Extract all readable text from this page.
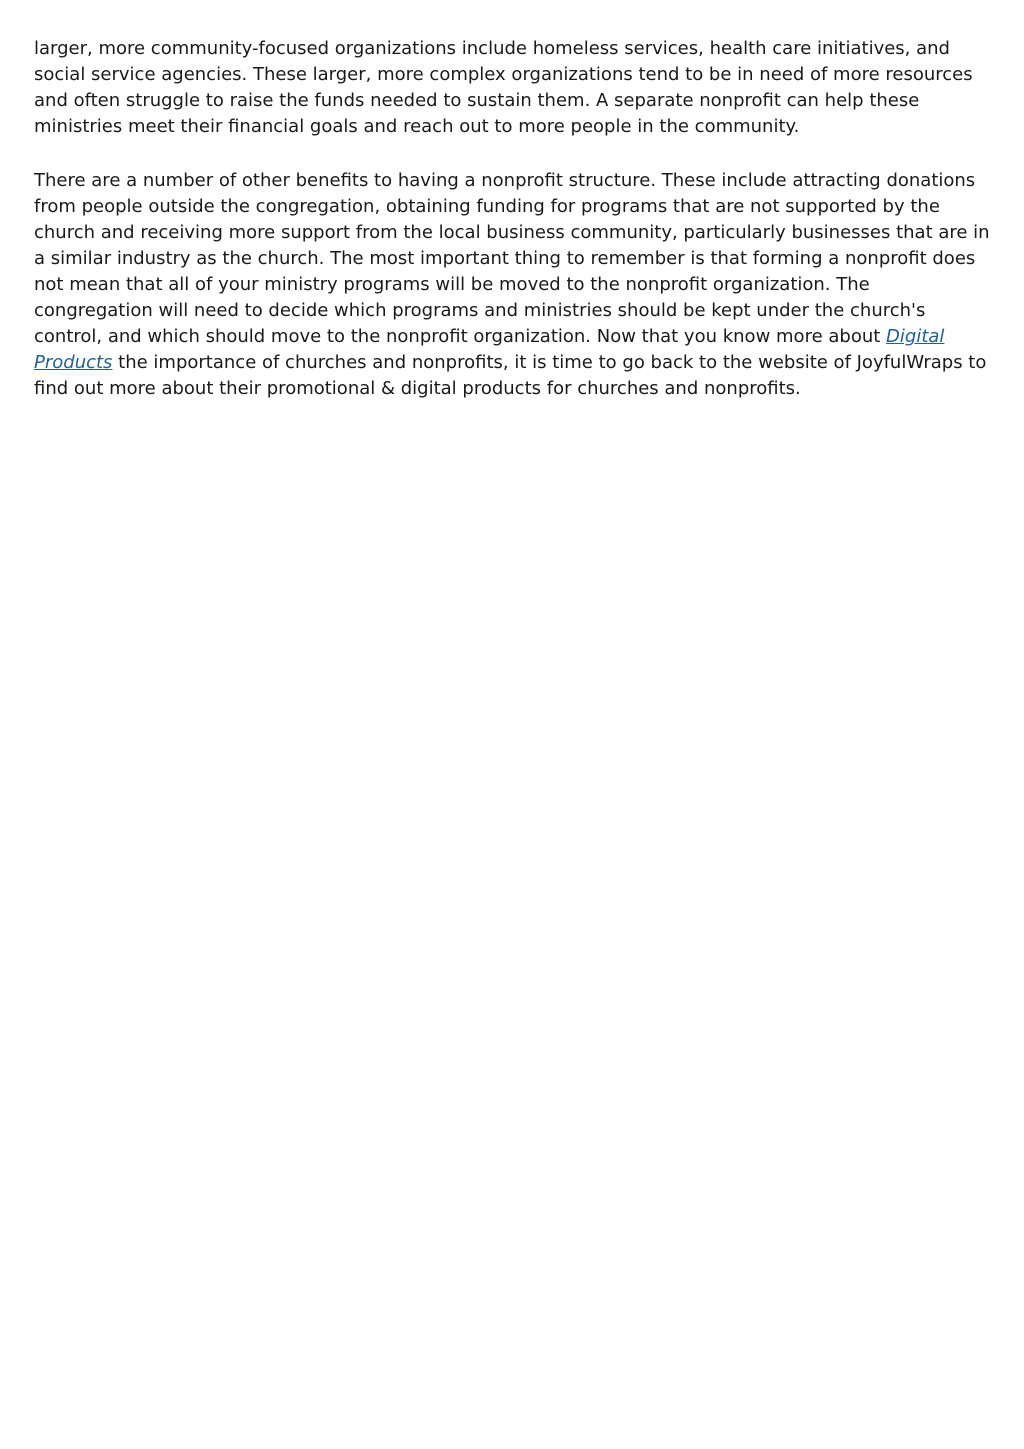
larger, more community-focused organizations include homeless services, health care initiatives, and social service agencies. These larger, more complex organizations tend to be in need of more resources and often struggle to raise the funds needed to sustain them. A separate nonprofit can help these ministries meet their financial goals and reach out to more people in the community.

There are a number of other benefits to having a nonprofit structure. These include attracting donations from people outside the congregation, obtaining funding for programs that are not supported by the church and receiving more support from the local business community, particularly businesses that are in a similar industry as the church. The most important thing to remember is that forming a nonprofit does not mean that all of your ministry programs will be moved to the nonprofit organization. The congregation will need to decide which programs and ministries should be kept under the church's control, and which should move to the nonprofit organization. Now that you know more about Digital Products the importance of churches and nonprofits, it is time to go back to the website of JoyfulWraps to find out more about their promotional & digital products for churches and nonprofits.
